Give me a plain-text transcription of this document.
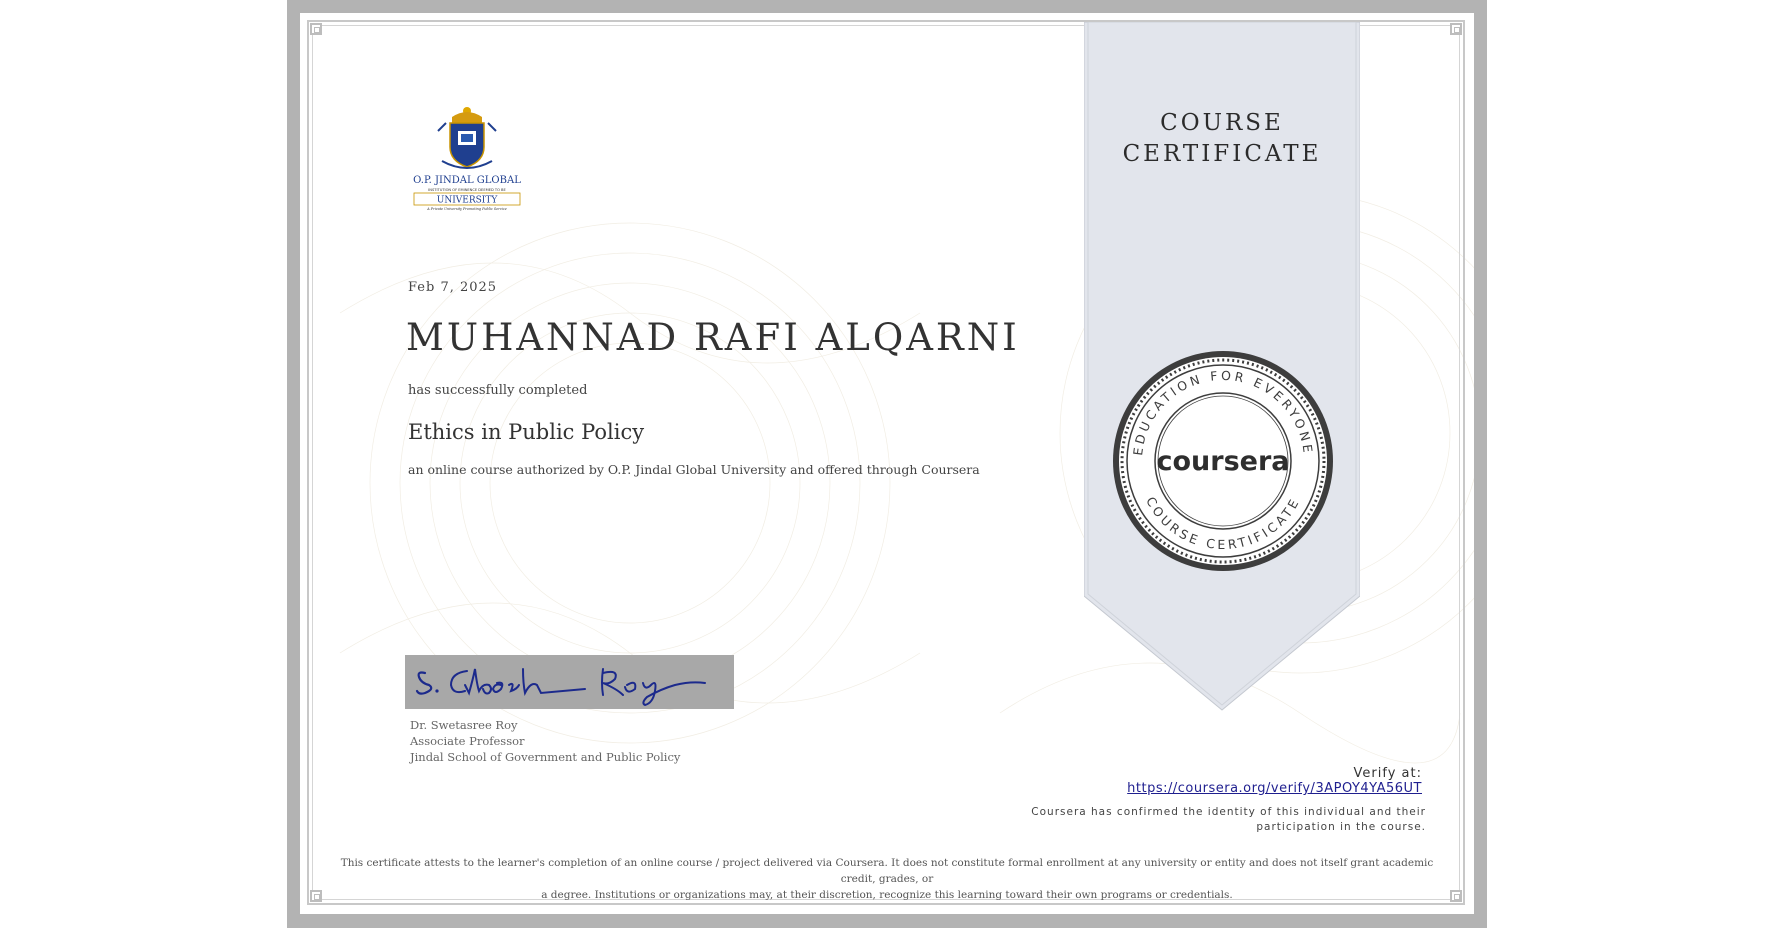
COURSE
CERTIFICATE
EDUCATION FOR EVERYONE
COURSE CERTIFICATE
coursera
O.P. JINDAL GLOBAL
INSTITUTION OF EMINENCE DEEMED TO BE
UNIVERSITY
A Private University Promoting Public Service
Feb 7, 2025
MUHANNAD RAFI ALQARNI
has successfully completed
Ethics in Public Policy
an online course authorized by O.P. Jindal Global University and offered through Coursera
Dr. Swetasree Roy
Associate Professor
Jindal School of Government and Public Policy
Verify at:
https://coursera.org/verify/3APOY4YA56UT
Coursera has confirmed the identity of this individual and their
participation in the course.
This certificate attests to the learner's completion of an online course / project delivered via Coursera. It does not constitute formal enrollment at any university or entity and does not itself grant academic credit, grades, or
a degree. Institutions or organizations may, at their discretion, recognize this learning toward their own programs or credentials.
